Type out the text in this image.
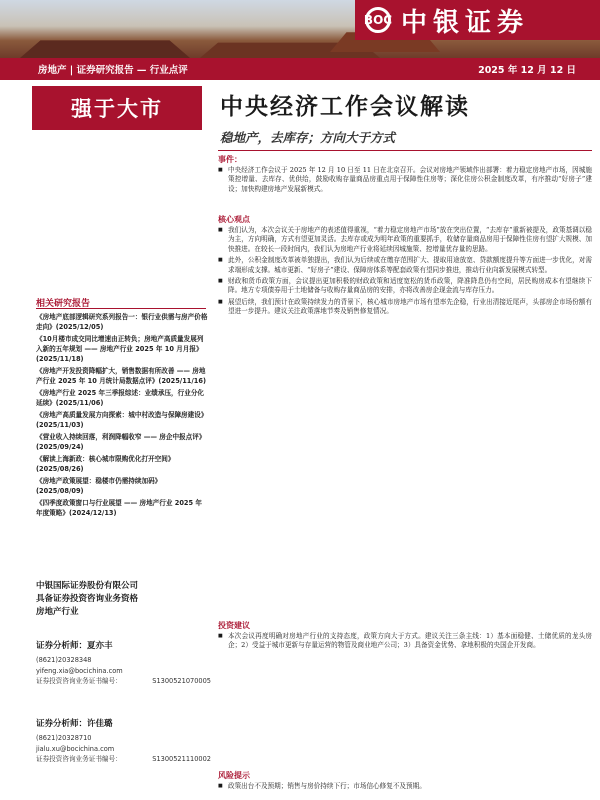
BOC 中银证券
房地产 | 证券研究报告 — 行业点评	2025 年 12 月 12 日
强于大市
相关研究报告
《房地产底部逻辑研究系列报告一：银行业供需与房产价格走向》(2025/12/05)
《10月楼市成交同比增速由正转负；房地产高质量发展列入新的五年规划 —— 房地产行业 2025 年 10 月月报》(2025/11/18)
《房地产开发投资降幅扩大，销售数据有所改善 —— 房地产行业 2025 年 10 月统计局数据点评》(2025/11/16)
《房地产行业 2025 年三季报综述：业绩承压，行业分化延续》(2025/11/06)
《房地产高质量发展方向探索：城中村改造与保障房建设》(2025/11/03)
《营业收入持续回落，利润降幅收窄 —— 房企中报点评》(2025/09/24)
《解读上海新政：核心城市限购优化打开空间》(2025/08/26)
《房地产政策展望：稳楼市仍需持续加码》(2025/08/09)
《四季度政策窗口与行业展望 —— 房地产行业 2025 年年度策略》(2024/12/13)
中银国际证券股份有限公司
具备证券投资咨询业务资格
房地产行业
证券分析师：夏亦丰
(8621)20328348
yifeng.xia@bocichina.com
证券投资咨询业务证书编号：	S1300521070005
证券分析师：许佳璐
(8621)20328710
jialu.xu@bocichina.com
证券投资咨询业务证书编号：	S1300521110002
中央经济工作会议解读
稳地产，去库存；方向大于方式
事件：

■ 中央经济工作会议于 2025 年 12 月 10 日至 11 日在北京召开。会议对房地产领域作出部署：着力稳定房地产市场，因城施策控增量、去库存、优供给，鼓励收购存量商品房重点用于保障性住房等；深化住房公积金制度改革，有序推动“好房子”建设；加快构建房地产发展新模式。

核心观点

■ 我们认为，本次会议关于房地产的表述值得重视，“着力稳定房地产市场”放在突出位置，“去库存”重新被提及，政策基调以稳为主，方向明确，方式有望更加灵活。去库存或成为明年政策的重要抓手，收储存量商品房用于保障性住房有望扩大规模、加快推进。在较长一段时间内，我们认为房地产行业将延续因城施策、控增量优存量的思路。

■ 此外，公积金制度改革被单独提出，我们认为后续或在缴存范围扩大、提取用途放宽、贷款额度提升等方面进一步优化，对需求端形成支撑。城市更新、“好房子”建设、保障房体系等配套政策有望同步推进，推动行业向新发展模式转型。

■ 财政和货币政策方面，会议提出更加积极的财政政策和适度宽松的货币政策，降准降息仍有空间，居民购房成本有望继续下降。地方专项债券用于土地储备与收购存量商品房的安排，亦将改善房企现金流与库存压力。

■ 展望后续，我们预计在政策持续发力的背景下，核心城市房地产市场有望率先企稳，行业出清接近尾声，头部房企市场份额有望进一步提升。建议关注政策落地节奏及销售修复情况。

投资建议

■ 本次会议再度明确对房地产行业的支持态度，政策方向大于方式。建议关注三条主线：1）基本面稳健、土储优质的龙头房企；2）受益于城市更新与存量运营的物管及商业地产公司；3）具备资金优势、拿地积极的央国企开发商。

风险提示

■ 政策出台不及预期；销售与房价持续下行；市场信心修复不及预期。
